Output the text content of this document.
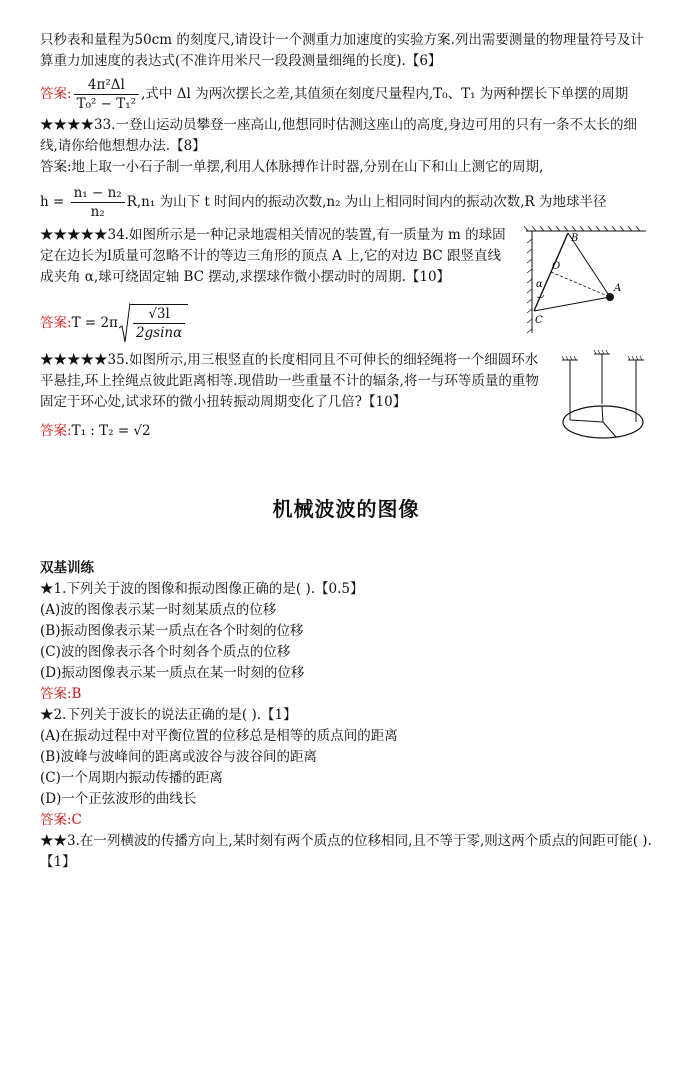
只秒表和量程为50cm 的刻度尺,请设计一个测重力加速度的实验方案.列出需要测量的物理量符号及计算重力加速度的表达式(不准许用米尺一段段测量细绳的长度).【6】

答案: $\frac{\text{4π²Δl}}{\text{T₀² − T₁²}}$ ,式中 Δl 为两次摆长之差,其值须在刻度尺量程内,T₀、T₁ 为两种摆长下单摆的周期

★★★★33.一登山运动员攀登一座高山,他想同时估测这座山的高度,身边可用的只有一条不太长的细线,请你给他想想办法.【8】

答案:地上取一小石子制一单摆,利用人体脉搏作计时器,分别在山下和山上测它的周期,

$h = \frac{\text{n₁ − n₂}}{\text{n₂}} R,n_1$ 为山下 t 时间内的振动次数,n₂ 为山上相同时间内的振动次数,R 为地球半径

★★★★★34.如图所示是一种记录地震相关情况的装置,有一质量为 m 的球固定在边长为l质量可忽略不计的等边三角形的顶点 A 上,它的对边 BC 跟竖直线成夹角 α,球可绕固定轴 BC 摆动,求摆球作微小摆动时的周期.【10】

答案: $T = 2\pi \frac{√3l}{2gsin\alpha}$

B
O
A
C
α

★★★★★35.如图所示,用三根竖直的长度相同且不可伸长的细轻绳将一个细圆环水平悬挂,环上拴绳点彼此距离相等.现借助一些重量不计的辐条,将一与环等质量的重物固定于环心处,试求环的微小扭转振动周期变化了几倍?【10】

答案:T₁ : T₂ = √2

机械波波的图像

双基训练

★1.下列关于波的图像和振动图像正确的是( ).【0.5】

(A)波的图像表示某一时刻某质点的位移

(B)振动图像表示某一质点在各个时刻的位移

(C)波的图像表示各个时刻各个质点的位移

(D)振动图像表示某一质点在某一时刻的位移

答案:B

★2.下列关于波长的说法正确的是( ).【1】

(A)在振动过程中对平衡位置的位移总是相等的质点间的距离

(B)波峰与波峰间的距离或波谷与波谷间的距离

(C)一个周期内振动传播的距离

(D)一个正弦波形的曲线长

答案:C

★★3.在一列横波的传播方向上,某时刻有两个质点的位移相同,且不等于零,则这两个质点的间距可能( ).【1】
